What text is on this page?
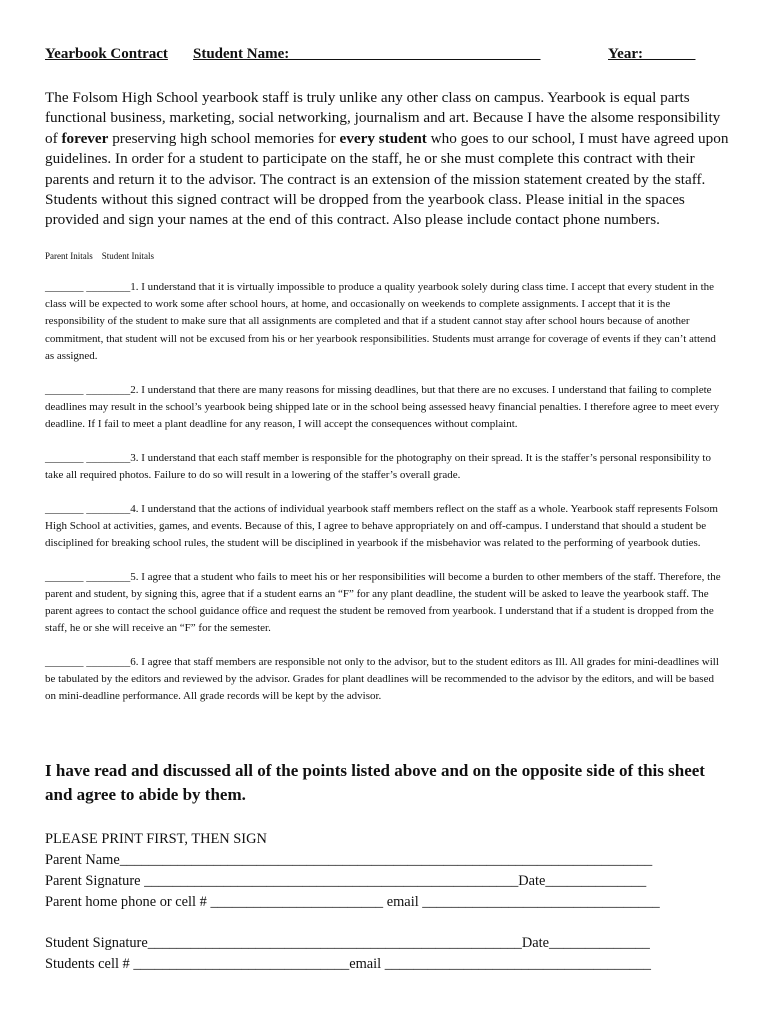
Yearbook Contract Student Name:	Year:
The Folsom High School yearbook staff is truly unlike any other class on campus. Yearbook is equal parts functional business, marketing, social networking, journalism and art. Because I have the alsome responsibility of forever preserving high school memories for every student who goes to our school, I must have agreed upon guidelines. In order for a student to participate on the staff, he or she must complete this contract with their parents and return it to the advisor. The contract is an extension of the mission statement created by the staff. Students without this signed contract will be dropped from the yearbook class. Please initial in the spaces provided and sign your names at the end of this contract. Also please include contact phone numbers.
Parent Initals    Student Initals
_______ ________1. I understand that it is virtually impossible to produce a quality yearbook solely during class time. I accept that every student in the class will be expected to work some after school hours, at home, and occasionally on weekends to complete assignments. I accept that it is the responsibility of the student to make sure that all assignments are completed and that if a student cannot stay after school hours because of another commitment, that student will not be excused from his or her yearbook responsibilities. Students must arrange for coverage of events if they can’t attend as assigned.
_______ ________2. I understand that there are many reasons for missing deadlines, but that there are no excuses. I understand that failing to complete deadlines may result in the school’s yearbook being shipped late or in the school being assessed heavy financial penalties. I therefore agree to meet every deadline. If I fail to meet a plant deadline for any reason, I will accept the consequences without complaint.
_______ ________3. I understand that each staff member is responsible for the photography on their spread. It is the staffer’s personal responsibility to take all required photos. Failure to do so will result in a lowering of the staffer’s overall grade.
_______ ________4. I understand that the actions of individual yearbook staff members reflect on the staff as a whole. Yearbook staff represents Folsom High School at activities, games, and events. Because of this, I agree to behave appropriately on and off-campus. I understand that should a student be disciplined for breaking school rules, the student will be disciplined in yearbook if the misbehavior was related to the performing of yearbook duties.
_______ ________5. I agree that a student who fails to meet his or her responsibilities will become a burden to other members of the staff. Therefore, the parent and student, by signing this, agree that if a student earns an “F” for any plant deadline, the student will be asked to leave the yearbook staff. The parent agrees to contact the school guidance office and request the student be removed from yearbook. I understand that if a student is dropped from the staff, he or she will receive an “F” for the semester.
_______ ________6. I agree that staff members are responsible not only to the advisor, but to the student editors as Ill. All grades for mini-deadlines will be tabulated by the editors and reviewed by the advisor. Grades for plant deadlines will be recommended to the advisor by the editors, and will be based on mini-deadline performance. All grade records will be kept by the advisor.
I have read and discussed all of the points listed above and on the opposite side of this sheet and agree to abide by them.
PLEASE PRINT FIRST, THEN SIGN
Parent Name__________________________________________________________________________
Parent Signature ____________________________________________________Date______________
Parent home phone or cell # ________________________ email _________________________________
Student Signature____________________________________________________Date______________
Students cell # ______________________________email _____________________________________
